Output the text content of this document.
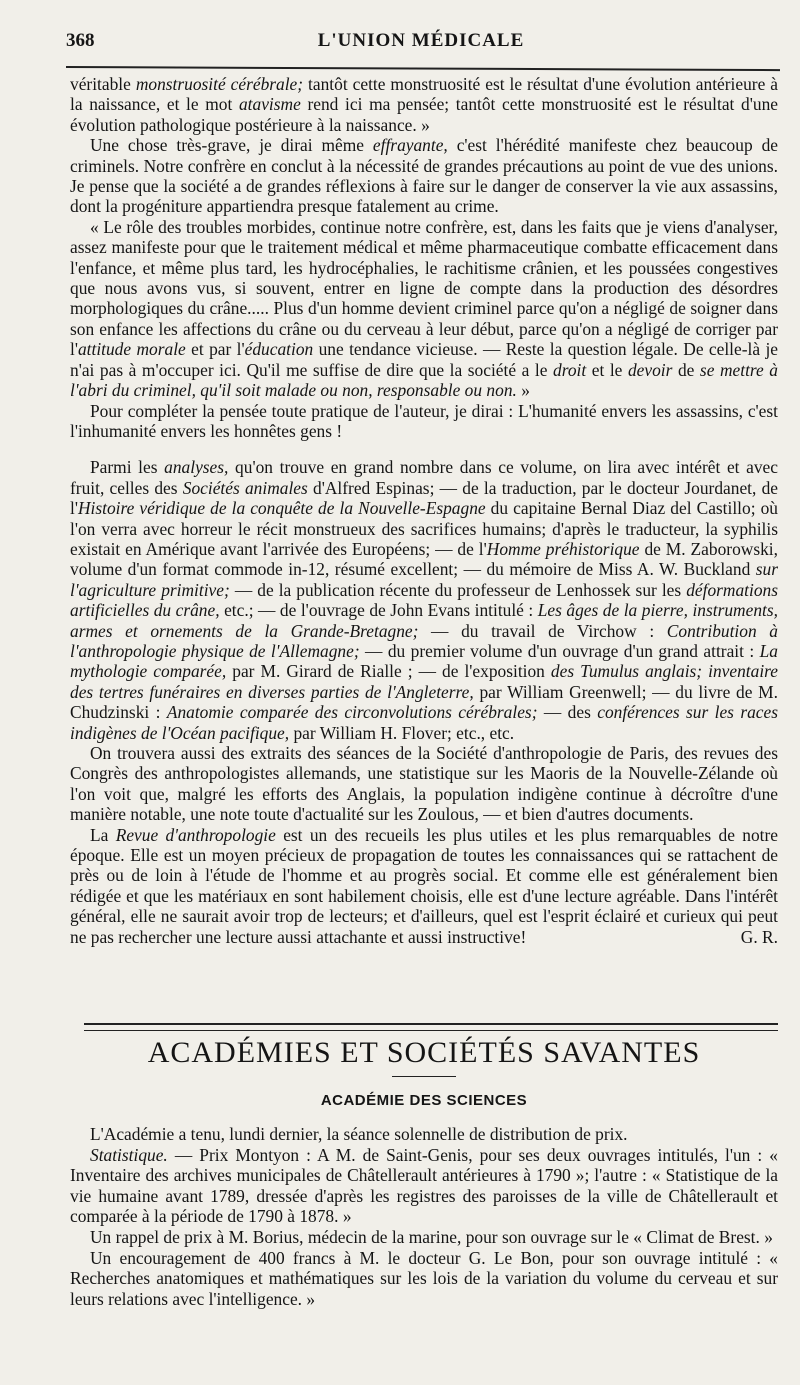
368	L'UNION MÉDICALE

véritable monstruosité cérébrale; tantôt cette monstruosité est le résultat d'une évolution antérieure à la naissance, et le mot atavisme rend ici ma pensée; tantôt cette monstruosité est le résultat d'une évolution pathologique postérieure à la naissance. »

Une chose très-grave, je dirai même effrayante, c'est l'hérédité manifeste chez beaucoup de criminels. Notre confrère en conclut à la nécessité de grandes précautions au point de vue des unions. Je pense que la société a de grandes réflexions à faire sur le danger de conserver la vie aux assassins, dont la progéniture appartiendra presque fatalement au crime.

« Le rôle des troubles morbides, continue notre confrère, est, dans les faits que je viens d'analyser, assez manifeste pour que le traitement médical et même pharmaceutique combatte efficacement dans l'enfance, et même plus tard, les hydrocéphalies, le rachitisme crânien, et les poussées congestives que nous avons vus, si souvent, entrer en ligne de compte dans la production des désordres morphologiques du crâne..... Plus d'un homme devient criminel parce qu'on a négligé de soigner dans son enfance les affections du crâne ou du cerveau à leur début, parce qu'on a négligé de corriger par l'attitude morale et par l'éducation une tendance vicieuse. — Reste la question légale. De celle-là je n'ai pas à m'occuper ici. Qu'il me suffise de dire que la société a le droit et le devoir de se mettre à l'abri du criminel, qu'il soit malade ou non, responsable ou non. »

Pour compléter la pensée toute pratique de l'auteur, je dirai : L'humanité envers les assassins, c'est l'inhumanité envers les honnêtes gens !

Parmi les analyses, qu'on trouve en grand nombre dans ce volume, on lira avec intérêt et avec fruit, celles des Sociétés animales d'Alfred Espinas; — de la traduction, par le docteur Jourdanet, de l'Histoire véridique de la conquête de la Nouvelle-Espagne du capitaine Bernal Diaz del Castillo; où l'on verra avec horreur le récit monstrueux des sacrifices humains; d'après le traducteur, la syphilis existait en Amérique avant l'arrivée des Européens; — de l'Homme préhistorique de M. Zaborowski, volume d'un format commode in-12, résumé excellent; — du mémoire de Miss A. W. Buckland sur l'agriculture primitive; — de la publication récente du professeur de Lenhossek sur les déformations artificielles du crâne, etc.; — de l'ouvrage de John Evans intitulé : Les âges de la pierre, instruments, armes et ornements de la Grande-Bretagne; — du travail de Virchow : Contribution à l'anthropologie physique de l'Allemagne; — du premier volume d'un ouvrage d'un grand attrait : La mythologie comparée, par M. Girard de Rialle ; — de l'exposition des Tumulus anglais; inventaire des tertres funéraires en diverses parties de l'Angleterre, par William Greenwell; — du livre de M. Chudzinski : Anatomie comparée des circonvolutions cérébrales; — des conférences sur les races indigènes de l'Océan pacifique, par William H. Flover; etc., etc.

On trouvera aussi des extraits des séances de la Société d'anthropologie de Paris, des revues des Congrès des anthropologistes allemands, une statistique sur les Maoris de la Nouvelle-Zélande où l'on voit que, malgré les efforts des Anglais, la population indigène continue à décroître d'une manière notable, une note toute d'actualité sur les Zoulous, — et bien d'autres documents.

La Revue d'anthropologie est un des recueils les plus utiles et les plus remarquables de notre époque. Elle est un moyen précieux de propagation de toutes les connaissances qui se rattachent de près ou de loin à l'étude de l'homme et au progrès social. Et comme elle est généralement bien rédigée et que les matériaux en sont habilement choisis, elle est d'une lecture agréable. Dans l'intérêt général, elle ne saurait avoir trop de lecteurs; et d'ailleurs, quel est l'esprit éclairé et curieux qui peut ne pas rechercher une lecture aussi attachante et aussi instructive!	G. R.

ACADÉMIES ET SOCIÉTÉS SAVANTES
ACADÉMIE DES SCIENCES

L'Académie a tenu, lundi dernier, la séance solennelle de distribution de prix.

Statistique. — Prix Montyon : A M. de Saint-Genis, pour ses deux ouvrages intitulés, l'un : « Inventaire des archives municipales de Châtellerault antérieures à 1790 »; l'autre : « Statistique de la vie humaine avant 1789, dressée d'après les registres des paroisses de la ville de Châtellerault et comparée à la période de 1790 à 1878. »

Un rappel de prix à M. Borius, médecin de la marine, pour son ouvrage sur le « Climat de Brest. »

Un encouragement de 400 francs à M. le docteur G. Le Bon, pour son ouvrage intitulé : « Recherches anatomiques et mathématiques sur les lois de la variation du volume du cerveau et sur leurs relations avec l'intelligence. »
